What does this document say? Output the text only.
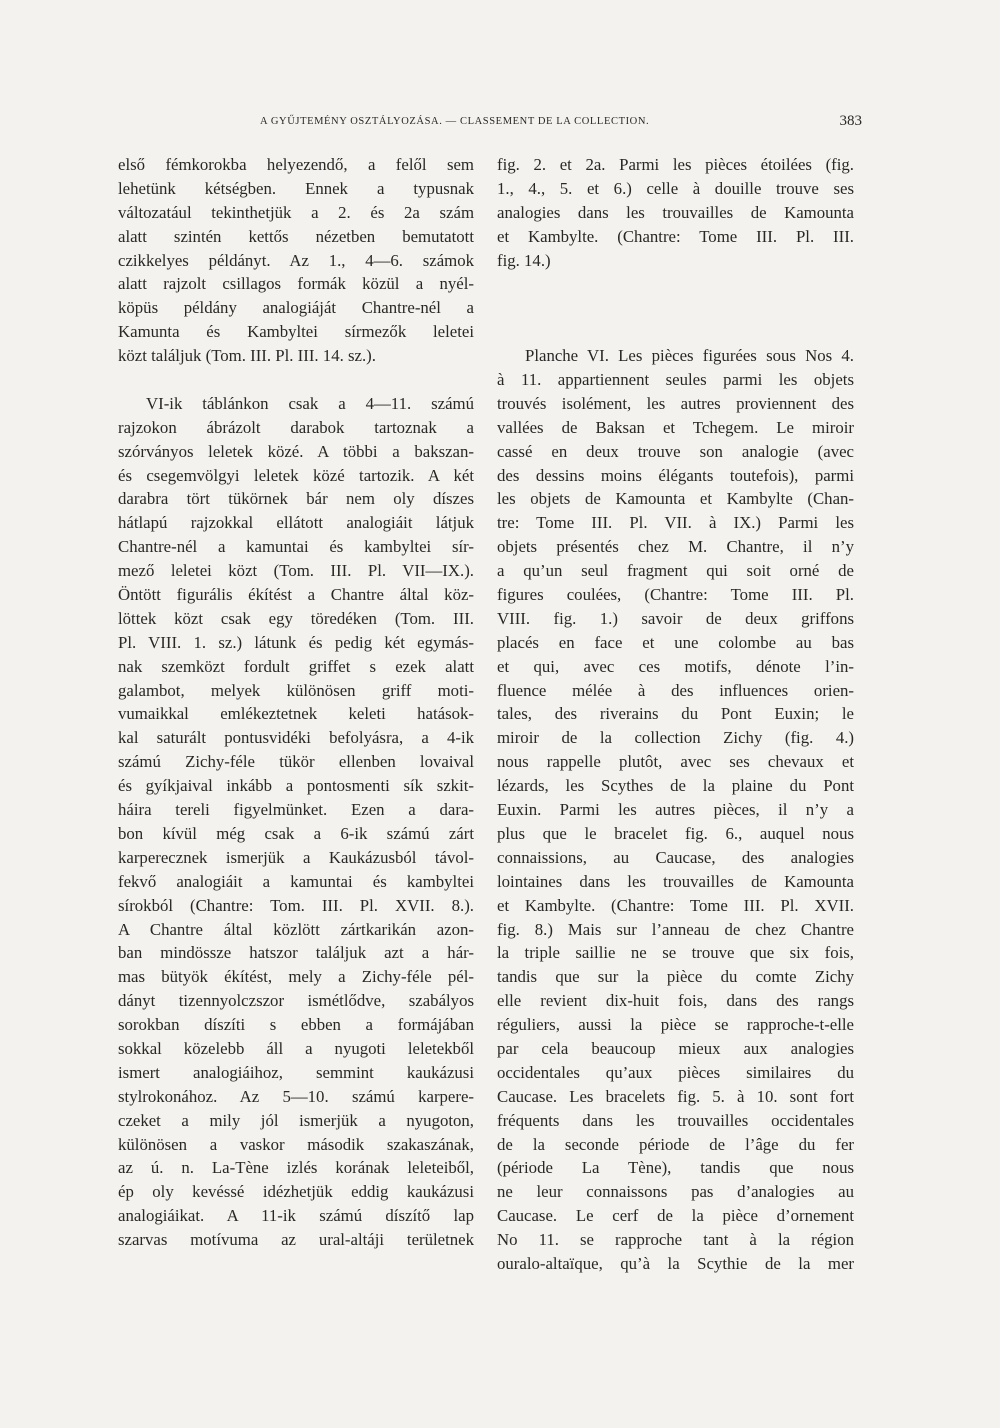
A GYŰJTEMÉNY OSZTÁLYOZÁSA. — CLASSEMENT DE LA COLLECTION.	383
első fémkorokba helyezendő, a felől sem
lehetünk kétségben. Ennek a typusnak
változatául tekinthetjük a 2. és 2a szám
alatt szintén kettős nézetben bemutatott
czikkelyes példányt. Az 1., 4—6. számok
alatt rajzolt csillagos formák közül a nyél-
köpüs példány analogiáját Chantre-nél a
Kamunta és Kambyltei sírmezők leletei
közt találjuk (Tom. III. Pl. III. 14. sz.).
VI-ik táblánkon csak a 4—11. számú
rajzokon ábrázolt darabok tartoznak a
szórványos leletek közé. A többi a bakszan-
és csegemvölgyi leletek közé tartozik. A két
darabra tört tükörnek bár nem oly díszes
hátlapú rajzokkal ellátott analogiáit látjuk
Chantre-nél a kamuntai és kambyltei sír-
mező leletei közt (Tom. III. Pl. VII—IX.).
Öntött figurális ékítést a Chantre által köz-
löttek közt csak egy töredéken (Tom. III.
Pl. VIII. 1. sz.) látunk és pedig két egymás-
nak szemközt fordult griffet s ezek alatt
galambot, melyek különösen griff moti-
vumaikkal emlékeztetnek keleti hatások-
kal saturált pontusvidéki befolyásra, a 4-ik
számú Zichy-féle tükör ellenben lovaival
és gyíkjaival inkább a pontosmenti sík szkit-
háira tereli figyelmünket. Ezen a dara-
bon kívül még csak a 6-ik számú zárt
karperecznek ismerjük a Kaukázusból távol-
fekvő analogiáit a kamuntai és kambyltei
sírokból (Chantre: Tom. III. Pl. XVII. 8.).
A Chantre által közlött zártkarikán azon-
ban mindössze hatszor találjuk azt a hár-
mas bütyök ékítést, mely a Zichy-féle pél-
dányt tizennyolczszor ismétlődve, szabályos
sorokban díszíti s ebben a formájában
sokkal közelebb áll a nyugoti leletekből
ismert analogiáihoz, semmint kaukázusi
stylrokonához. Az 5—10. számú karpere-
czeket a mily jól ismerjük a nyugoton,
különösen a vaskor második szakaszának,
az ú. n. La-Tène izlés korának leleteiből,
ép oly kevéssé idézhetjük eddig kaukázusi
analogiáikat. A 11-ik számú díszítő lap
szarvas motívuma az ural-altáji területnek
fig. 2. et 2a. Parmi les pièces étoilées (fig.
1., 4., 5. et 6.) celle à douille trouve ses
analogies dans les trouvailles de Kamounta
et Kambylte. (Chantre: Tome III. Pl. III.
fig. 14.)
Planche VI. Les pièces figurées sous Nos 4.
à 11. appartiennent seules parmi les objets
trouvés isolément, les autres proviennent des
vallées de Baksan et Tchegem. Le miroir
cassé en deux trouve son analogie (avec
des dessins moins élégants toutefois), parmi
les objets de Kamounta et Kambylte (Chan-
tre: Tome III. Pl. VII. à IX.) Parmi les
objets présentés chez M. Chantre, il n’y
a qu’un seul fragment qui soit orné de
figures coulées, (Chantre: Tome III. Pl.
VIII. fig. 1.) savoir de deux griffons
placés en face et une colombe au bas
et qui, avec ces motifs, dénote l’in-
fluence mélée à des influences orien-
tales, des riverains du Pont Euxin; le
miroir de la collection Zichy (fig. 4.)
nous rappelle plutôt, avec ses chevaux et
lézards, les Scythes de la plaine du Pont
Euxin. Parmi les autres pièces, il n’y a
plus que le bracelet fig. 6., auquel nous
connaissions, au Caucase, des analogies
lointaines dans les trouvailles de Kamounta
et Kambylte. (Chantre: Tome III. Pl. XVII.
fig. 8.) Mais sur l’anneau de chez Chantre
la triple saillie ne se trouve que six fois,
tandis que sur la pièce du comte Zichy
elle revient dix-huit fois, dans des rangs
réguliers, aussi la pièce se rapproche-t-elle
par cela beaucoup mieux aux analogies
occidentales qu’aux pièces similaires du
Caucase. Les bracelets fig. 5. à 10. sont fort
fréquents dans les trouvailles occidentales
de la seconde période de l’âge du fer
(période La Tène), tandis que nous
ne leur connaissons pas d’analogies au
Caucase. Le cerf de la pièce d’ornement
No 11. se rapproche tant à la région
ouralo-altaïque, qu’à la Scythie de la mer
